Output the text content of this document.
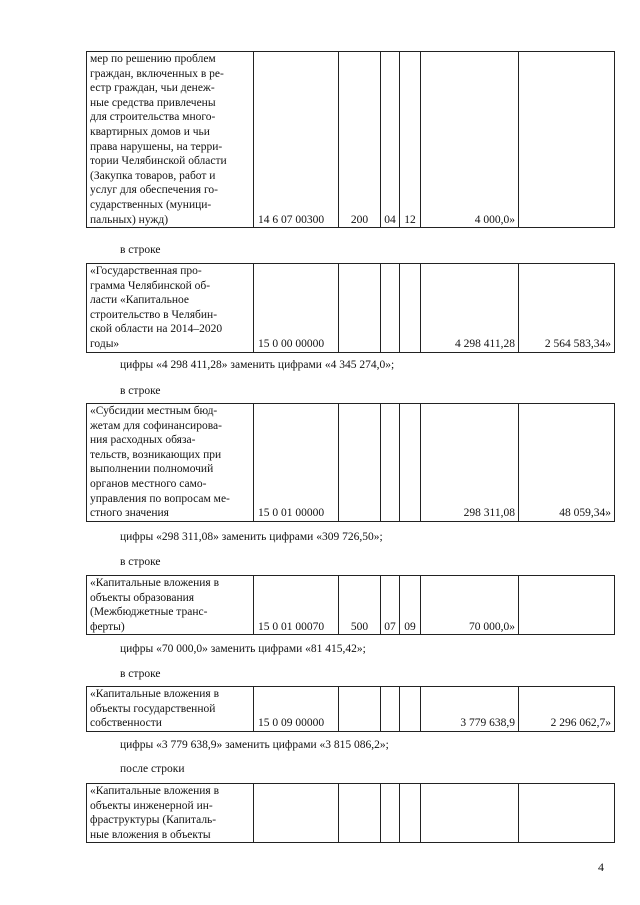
мер по решению проблем
граждан, включенных в ре-
естр граждан, чьи денеж-
ные средства привлечены
для строительства много-
квартирных домов и чьи
права нарушены, на терри-
тории Челябинской области
(Закупка товаров, работ и
услуг для обеспечения го-
сударственных (муници-
пальных) нужд)	14 6 07 00300	200	04	12	4 000,0»	
в строке
«Государственная про-
грамма Челябинской об-
ласти «Капитальное
строительство в Челябин-
ской области на 2014–2020
годы»	15 0 00 00000				4 298 411,28	2 564 583,34»
цифры «4 298 411,28» заменить цифрами «4 345 274,0»;
в строке
«Субсидии местным бюд-
жетам для софинансирова-
ния расходных обяза-
тельств, возникающих при
выполнении полномочий
органов местного само-
управления по вопросам ме-
стного значения	15 0 01 00000				298 311,08	48 059,34»
цифры «298 311,08» заменить цифрами «309 726,50»;
в строке
«Капитальные вложения в
объекты образования
(Межбюджетные транс-
ферты)	15 0 01 00070	500	07	09	70 000,0»	
цифры «70 000,0» заменить цифрами «81 415,42»;
в строке
«Капитальные вложения в
объекты государственной
собственности	15 0 09 00000				3 779 638,9	2 296 062,7»
цифры «3 779 638,9» заменить цифрами «3 815 086,2»;
после строки
«Капитальные вложения в
объекты инженерной ин-
фраструктуры (Капиталь-
ные вложения в объекты

4
